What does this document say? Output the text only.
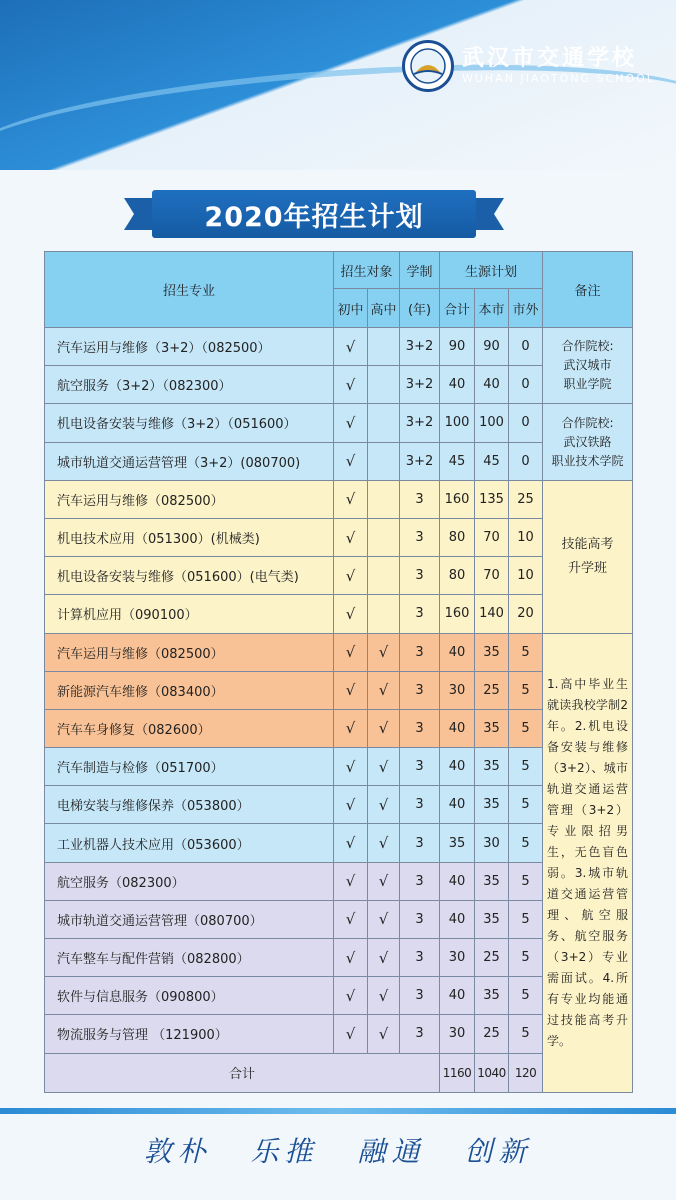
武汉市交通学校
WUHAN JIAOTONG SCHOOL
2020年招生计划
招生专业	招生对象		学制	生源计划			备注
	初中	高中	(年)	合计	本市	市外	
汽车运用与维修（3+2）（082500）	√		3+2	90	90	0	合作院校:
武汉城市
职业学院

航空服务（3+2）（082300）	√		3+2	40	40	0	
机电设备安装与维修（3+2）（051600）	√		3+2	100	100	0	合作院校:
武汉铁路
职业技术学院

城市轨道交通运营管理（3+2）(080700)	√		3+2	45	45	0	
汽车运用与维修（082500）	√		3	160	135	25	技能高考
升学班

机电技术应用（051300）(机械类)	√		3	80	70	10	
机电设备安装与维修（051600）(电气类)	√		3	80	70	10	
计算机应用（090100）	√		3	160	140	20	
汽车运用与维修（082500）	√	√	3	40	35	5	1.高中毕业生就读我校学制2年。2.机电设备安装与维修（3+2）、城市轨道交通运营管理（3+2）专业限招男生，无色盲色弱。3.城市轨道交通运营管理、航空服务、航空服务（3+2）专业需面试。4.所有专业均能通过技能高考升学。
新能源汽车维修（083400）	√	√	3	30	25	5	
汽车车身修复（082600）	√	√	3	40	35	5	
汽车制造与检修（051700）	√	√	3	40	35	5	
电梯安装与维修保养（053800）	√	√	3	40	35	5	
工业机器人技术应用（053600）	√	√	3	35	30	5	
航空服务（082300）	√	√	3	40	35	5	
城市轨道交通运营管理（080700）	√	√	3	40	35	5	
汽车整车与配件营销（082800）	√	√	3	30	25	5	
软件与信息服务（090800）	√	√	3	40	35	5	
物流服务与管理 （121900）	√	√	3	30	25	5	
合计				1160	1040	120	
敦朴 乐推 融通 创新
